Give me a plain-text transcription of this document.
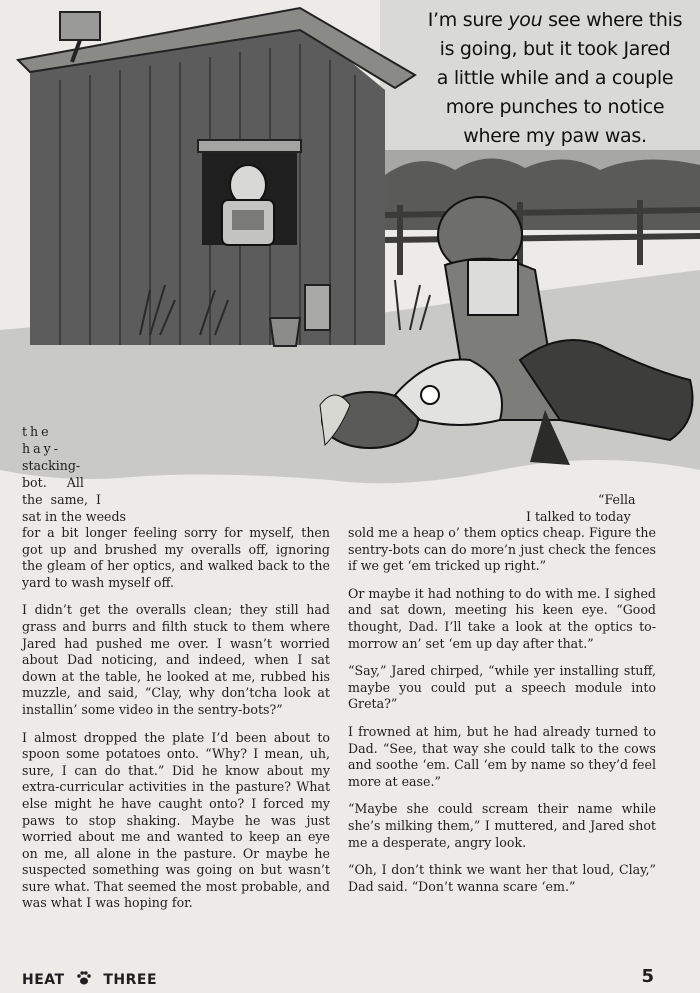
I’m sure you see where this
is going, but it took Jared
a little while and a couple
more punches to notice
where my paw was.
the
hay-
stacking-
bot.     All
the  same,  I
sat in the weeds
“Fella
I talked to today

for a bit longer feeling sorry for myself, then got up and brushed my overalls off, ignoring the gleam of her optics, and walked back to the yard to wash myself off.

I didn’t get the overalls clean; they still had grass and burrs and filth stuck to them where Jared had pushed me over. I wasn’t worried about Dad noticing, and indeed, when I sat down at the table, he looked at me, rubbed his muzzle, and said, “Clay, why don’tcha look at installin’ some video in the sentry-bots?”

I almost dropped the plate I’d been about to spoon some potatoes onto. “Why? I mean, uh, sure, I can do that.” Did he know about my extra-curricular activities in the pasture? What else might he have caught onto? I forced my paws to stop shaking. Maybe he was just worried about me and wanted to keep an eye on me, all alone in the pasture. Or maybe he suspected something was going on but wasn’t sure what. That seemed the most probable, and was what I was hoping for.

sold me a heap o’ them optics cheap. Figure the sentry-bots can do more’n just check the fences if we get ‘em tricked up right.”

Or maybe it had nothing to do with me. I sighed and sat down, meeting his keen eye. “Good thought, Dad. I’ll take a look at the optics to-morrow an’ set ‘em up day after that.”

“Say,” Jared chirped, “while yer installing stuff, maybe you could put a speech module into Greta?”

I frowned at him, but he had already turned to Dad. “See, that way she could talk to the cows and soothe ‘em. Call ‘em by name so they’d feel more at ease.”

“Maybe she could scream their name while she’s milking them,” I muttered, and Jared shot me a desperate, angry look.

“Oh, I don’t think we want her that loud, Clay,” Dad said. “Don’t wanna scare ‘em.”

HEAT	THREE	5
